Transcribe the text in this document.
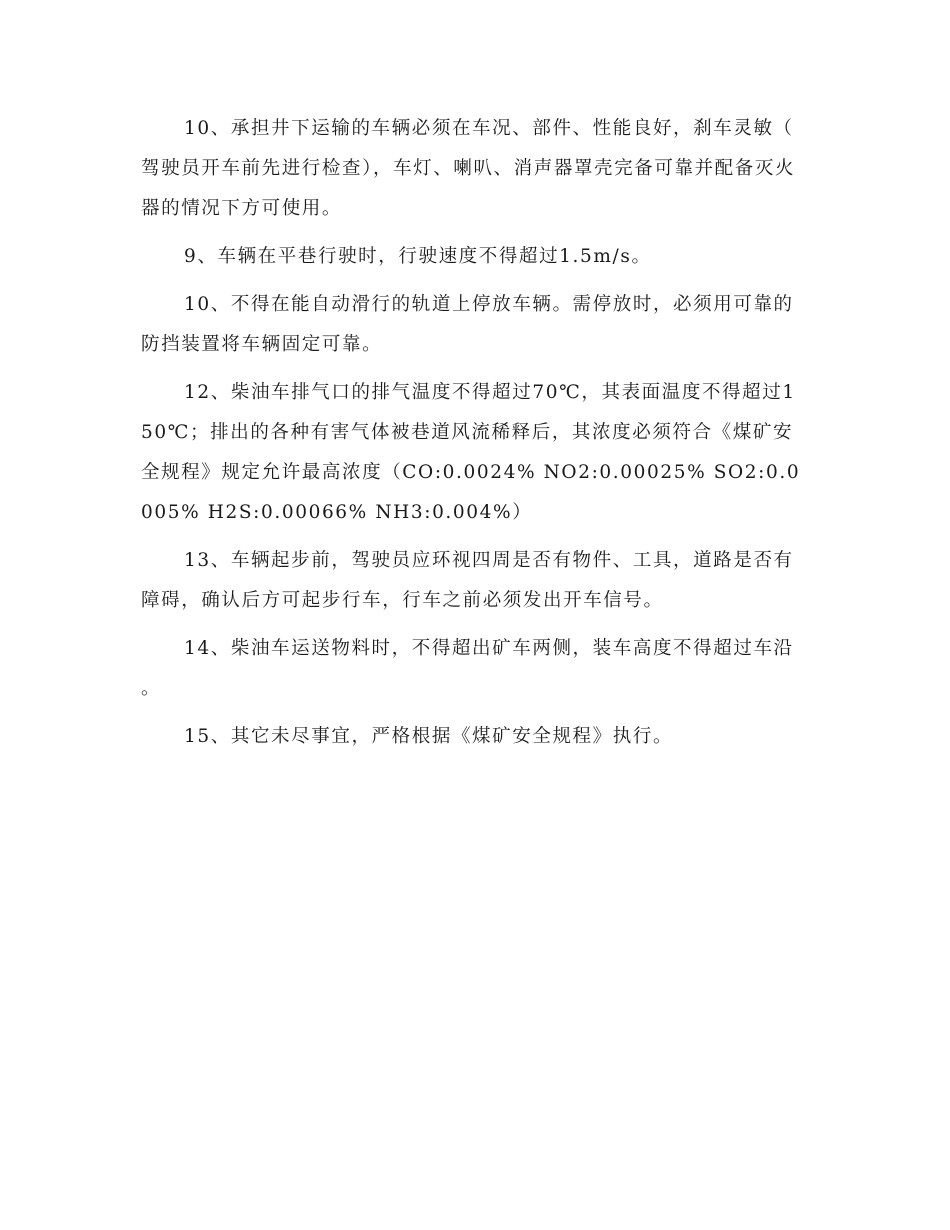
10、承担井下运输的车辆必须在车况、部件、性能良好，刹车灵敏（驾驶员开车前先进行检查），车灯、喇叭、消声器罩壳完备可靠并配备灭火器的情况下方可使用。

9、车辆在平巷行驶时，行驶速度不得超过1.5m/s。

10、不得在能自动滑行的轨道上停放车辆。需停放时，必须用可靠的防挡装置将车辆固定可靠。

12、柴油车排气口的排气温度不得超过70℃，其表面温度不得超过150℃；排出的各种有害气体被巷道风流稀释后，其浓度必须符合《煤矿安全规程》规定允许最高浓度（CO:0.0024% NO2:0.00025% SO2:0.0005% H2S:0.00066% NH3:0.004%）

13、车辆起步前，驾驶员应环视四周是否有物件、工具，道路是否有障碍，确认后方可起步行车，行车之前必须发出开车信号。

14、柴油车运送物料时，不得超出矿车两侧，装车高度不得超过车沿。

15、其它未尽事宜，严格根据《煤矿安全规程》执行。
